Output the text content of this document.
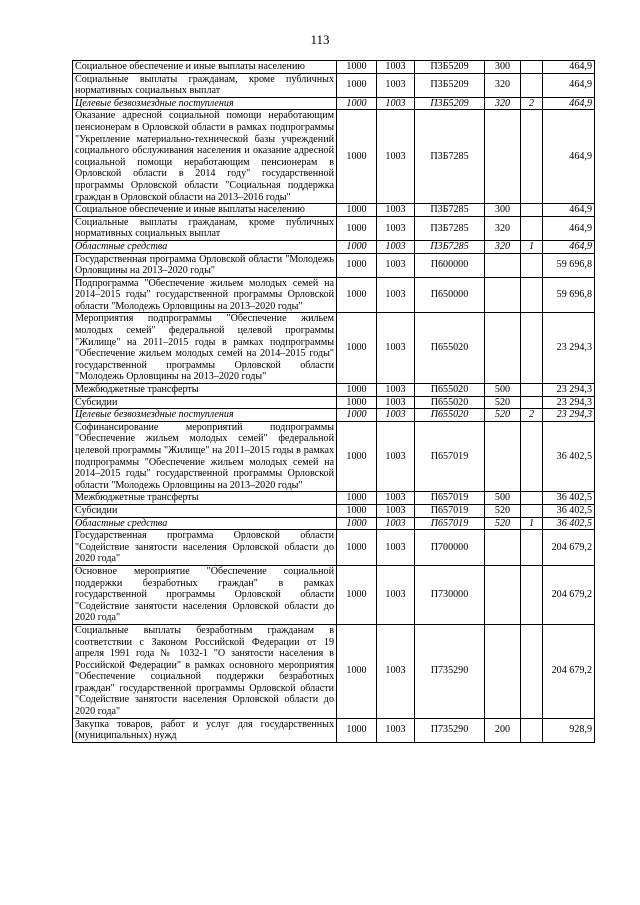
113
Социальное обеспечение и иные выплаты населению	1000	1003	П3Б5209	300		464,9
Социальные выплаты гражданам, кроме публичных нормативных социальных выплат	1000	1003	П3Б5209	320		464,9
Целевые безвозмездные поступления	1000	1003	П3Б5209	320	2	464,9
Оказание адресной социальной помощи неработающим пенсионерам в Орловской области в рамках подпрограммы "Укрепление материально-технической базы учреждений социального обслуживания населения и оказание адресной социальной помощи неработающим пенсионерам в Орловской области в 2014 году" государственной программы Орловской области "Социальная поддержка граждан в Орловской области на 2013–2016 годы"	1000	1003	П3Б7285			464,9
Социальное обеспечение и иные выплаты населению	1000	1003	П3Б7285	300		464,9
Социальные выплаты гражданам, кроме публичных нормативных социальных выплат	1000	1003	П3Б7285	320		464,9
Областные средства	1000	1003	П3Б7285	320	1	464,9
Государственная программа Орловской области "Молодежь Орловщины на 2013–2020 годы"	1000	1003	П600000			59 696,8
Подпрограмма "Обеспечение жильем молодых семей на 2014–2015 годы" государственной программы Орловской области "Молодежь Орловщины на 2013–2020 годы"	1000	1003	П650000			59 696,8
Мероприятия подпрограммы "Обеспечение жильем молодых семей" федеральной целевой программы "Жилище" на 2011–2015 годы в рамках подпрограммы "Обеспечение жильем молодых семей на 2014–2015 годы" государственной программы Орловской области "Молодежь Орловщины на 2013–2020 годы"	1000	1003	П655020			23 294,3
Межбюджетные трансферты	1000	1003	П655020	500		23 294,3
Субсидии	1000	1003	П655020	520		23 294,3
Целевые безвозмездные поступления	1000	1003	П655020	520	2	23 294,3
Софинансирование мероприятий подпрограммы "Обеспечение жильем молодых семей" федеральной целевой программы "Жилище" на 2011–2015 годы в рамках подпрограммы "Обеспечение жильем молодых семей на 2014–2015 годы" государственной программы Орловской области "Молодежь Орловщины на 2013–2020 годы"	1000	1003	П657019			36 402,5
Межбюджетные трансферты	1000	1003	П657019	500		36 402,5
Субсидии	1000	1003	П657019	520		36 402,5
Областные средства	1000	1003	П657019	520	1	36 402,5
Государственная программа Орловской области "Содействие занятости населения Орловской области до 2020 года"	1000	1003	П700000			204 679,2
Основное мероприятие "Обеспечение социальной поддержки безработных граждан" в рамках государственной программы Орловской области "Содействие занятости населения Орловской области до 2020 года"	1000	1003	П730000			204 679,2
Социальные выплаты безработным гражданам в соответствии с Законом Российской Федерации от 19 апреля 1991 года № 1032-1 "О занятости населения в Российской Федерации" в рамках основного мероприятия "Обеспечение социальной поддержки безработных граждан" государственной программы Орловской области "Содействие занятости населения Орловской области до 2020 года"	1000	1003	П735290			204 679,2
Закупка товаров, работ и услуг для государственных (муниципальных) нужд	1000	1003	П735290	200		928,9
